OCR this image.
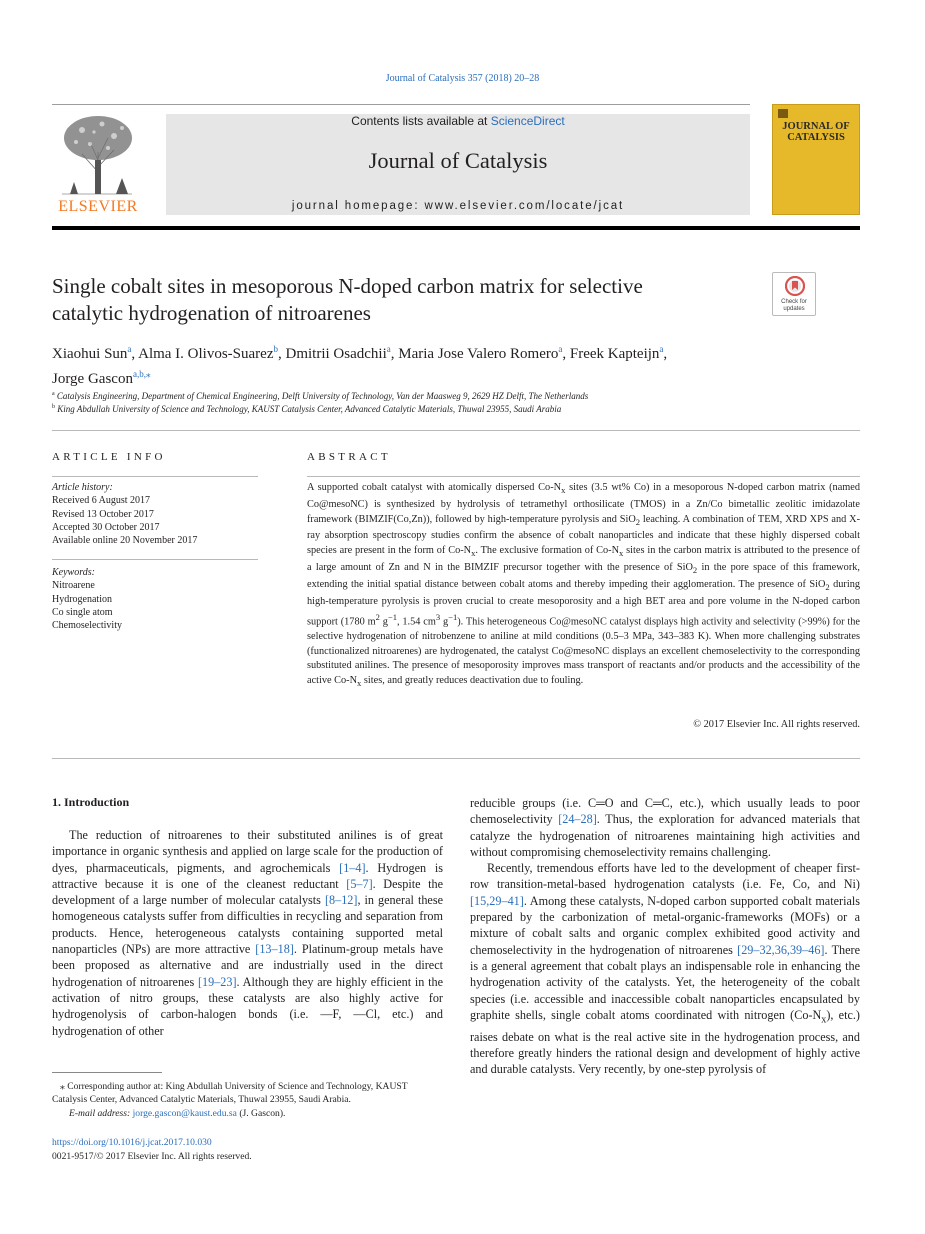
Journal of Catalysis 357 (2018) 20–28
ELSEVIER
Contents lists available at ScienceDirect
Journal of Catalysis
journal homepage: www.elsevier.com/locate/jcat
JOURNAL OF
CATALYSIS
Single cobalt sites in mesoporous N-doped carbon matrix for selective
catalytic hydrogenation of nitroarenes	Check for
updates
Xiaohui Sun$^a$, Alma I. Olivos-Suarez$^b$, Dmitrii Osadchii$^a$, Maria Jose Valero Romero$^a$, Freek Kapteijn$^a$,
Jorge Gascon$^{a,b,⁎}$
$^a$ Catalysis Engineering, Department of Chemical Engineering, Delft University of Technology, Van der Maasweg 9, 2629 HZ Delft, The Netherlands
$^b$ King Abdullah University of Science and Technology, KAUST Catalysis Center, Advanced Catalytic Materials, Thuwal 23955, Saudi Arabia
ARTICLE INFO
Article history:
Received 6 August 2017
Revised 13 October 2017
Accepted 30 October 2017
Available online 20 November 2017
Keywords:
Nitroarene
Hydrogenation
Co single atom
Chemoselectivity
ABSTRACT
A supported cobalt catalyst with atomically dispersed $Co-N_x$ sites (3.5 wt% Co) in a mesoporous N-doped carbon matrix (named Co@mesoNC) is synthesized by hydrolysis of tetramethyl orthosilicate (TMOS) in a Zn/Co bimetallic zeolitic imidazolate framework (BIMZIF(Co,Zn)), followed by high-temperature pyrolysis and SiO$_2$ leaching. A combination of TEM, XRD XPS and X-ray absorption spectroscopy studies confirm the absence of cobalt nanoparticles and indicate that these highly dispersed cobalt species are present in the form of $Co-N_x$. The exclusive formation of $Co-N_x$ sites in the carbon matrix is attributed to the presence of a large amount of Zn and N in the BIMZIF precursor together with the presence of SiO$_2$ in the pore space of this framework, extending the initial spatial distance between cobalt atoms and thereby impeding their agglomeration. The presence of SiO$_2$ during high-temperature pyrolysis is proven crucial to create mesoporosity and a high BET area and pore volume in the N-doped carbon support (1780 $m^2$ $g^{-1}$, 1.54 $cm^3$ $g^{-1}$). This heterogeneous Co@mesoNC catalyst displays high activity and selectivity (>99%) for the selective hydrogenation of nitrobenzene to aniline at mild conditions (0.5–3 MPa, 343–383 K). When more challenging substrates (functionalized nitroarenes) are hydrogenated, the catalyst Co@mesoNC displays an excellent chemoselectivity to the corresponding substituted anilines. The presence of mesoporosity improves mass transport of reactants and/or products and the accessibility of the active $Co-N_x$ sites, and greatly reduces deactivation due to fouling.
© 2017 Elsevier Inc. All rights reserved.
1. Introduction

The reduction of nitroarenes to their substituted anilines is of great importance in organic synthesis and applied on large scale for the production of dyes, pharmaceuticals, pigments, and agrochemicals [1–4]. Hydrogen is attractive because it is one of the cleanest reductant [5–7]. Despite the development of a large number of molecular catalysts [8–12], in general these homogeneous catalysts suffer from difficulties in recycling and separation from products. Hence, heterogeneous catalysts containing supported metal nanoparticles (NPs) are more attractive [13–18]. Platinum-group metals have been proposed as alternative and are industrially used in the direct hydrogenation of nitroarenes [19–23]. Although they are highly efficient in the activation of nitro groups, these catalysts are also highly active for hydrogenolysis of carbon-halogen bonds (i.e. —F, —Cl, etc.) and hydrogenation of other

reducible groups (i.e. C═O and C═C, etc.), which usually leads to poor chemoselectivity [24–28]. Thus, the exploration for advanced materials that catalyze the hydrogenation of nitroarenes maintaining high activities and without compromising chemoselectivity remains challenging.

Recently, tremendous efforts have led to the development of cheaper first-row transition-metal-based hydrogenation catalysts (i.e. Fe, Co, and Ni) [15,29–41]. Among these catalysts, N-doped carbon supported cobalt materials prepared by the carbonization of metal-organic-frameworks (MOFs) or a mixture of cobalt salts and organic complex exhibited good activity and chemoselectivity in the hydrogenation of nitroarenes [29–32,36,39–46]. There is a general agreement that cobalt plays an indispensable role in enhancing the hydrogenation activity of the catalysts. Yet, the heterogeneity of the cobalt species (i.e. accessible and inaccessible cobalt nanoparticles encapsulated by graphite shells, single cobalt atoms coordinated with nitrogen $(Co-N_x)$, etc.) raises debate on what is the real active site in the hydrogenation process, and therefore greatly hinders the rational design and development of highly active and durable catalysts. Very recently, by one-step pyrolysis of

⁎ Corresponding author at: King Abdullah University of Science and Technology, KAUST Catalysis Center, Advanced Catalytic Materials, Thuwal 23955, Saudi Arabia.
E-mail address: jorge.gascon@kaust.edu.sa (J. Gascon).
https://doi.org/10.1016/j.jcat.2017.10.030
0021-9517/© 2017 Elsevier Inc. All rights reserved.
